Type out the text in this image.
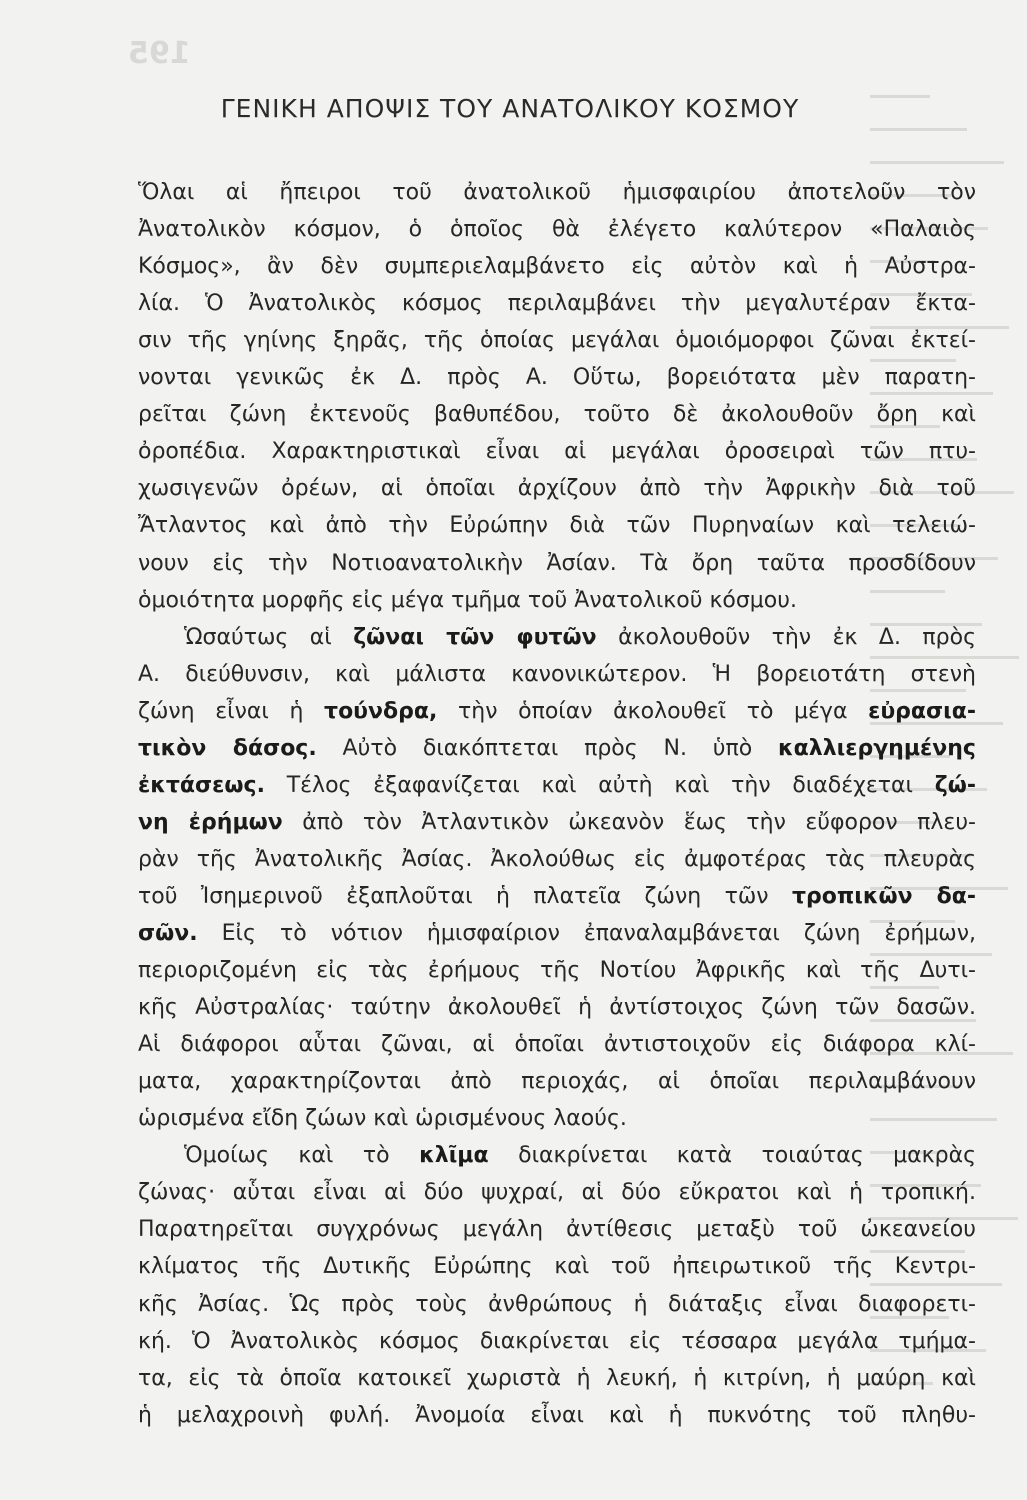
195
ΓΕΝΙΚΗ ΑΠΟΨΙΣ ΤΟΥ ΑΝΑΤΟΛΙΚΟΥ ΚΟΣΜΟΥ
Ὅλαι αἱ ἤπειροι τοῦ ἀνατολικοῦ ἡμισφαιρίου ἀποτελοῦν τὸν
Ἀνατολικὸν κόσμον, ὁ ὁποῖος θὰ ἐλέγετο καλύτερον «Παλαιὸς
Κόσμος», ἂν δὲν συμπεριελαμβάνετο εἰς αὐτὸν καὶ ἡ Αὐστρα-
λία. Ὁ Ἀνατολικὸς κόσμος περιλαμβάνει τὴν μεγαλυτέραν ἔκτα-
σιν τῆς γηίνης ξηρᾶς, τῆς ὁποίας μεγάλαι ὁμοιόμορφοι ζῶναι ἐκτεί-
νονται γενικῶς ἐκ Δ. πρὸς Α. Οὕτω, βορειότατα μὲν παρατη-
ρεῖται ζώνη ἐκτενοῦς βαθυπέδου, τοῦτο δὲ ἀκολουθοῦν ὄρη καὶ
ὀροπέδια. Χαρακτηριστικαὶ εἶναι αἱ μεγάλαι ὀροσειραὶ τῶν πτυ-
χωσιγενῶν ὀρέων, αἱ ὁποῖαι ἀρχίζουν ἀπὸ τὴν Ἀφρικὴν διὰ τοῦ
Ἄτλαντος καὶ ἀπὸ τὴν Εὐρώπην διὰ τῶν Πυρηναίων καὶ τελειώ-
νουν εἰς τὴν Νοτιοανατολικὴν Ἀσίαν. Τὰ ὄρη ταῦτα προσδίδουν
ὁμοιότητα μορφῆς εἰς μέγα τμῆμα τοῦ Ἀνατολικοῦ κόσμου.
Ὡσαύτως αἱ ζῶναι τῶν φυτῶν ἀκολουθοῦν τὴν ἐκ Δ. πρὸς
Α. διεύθυνσιν, καὶ μάλιστα κανονικώτερον. Ἡ βορειοτάτη στενὴ
ζώνη εἶναι ἡ τούνδρα, τὴν ὁποίαν ἀκολουθεῖ τὸ μέγα εὐρασια-
τικὸν δάσος. Αὐτὸ διακόπτεται πρὸς Ν. ὑπὸ καλλιεργημένης
ἐκτάσεως. Τέλος ἐξαφανίζεται καὶ αὐτὴ καὶ τὴν διαδέχεται ζώ-
νη ἐρήμων ἀπὸ τὸν Ἀτλαντικὸν ὠκεανὸν ἕως τὴν εὔφορον πλευ-
ρὰν τῆς Ἀνατολικῆς Ἀσίας. Ἀκολούθως εἰς ἀμφοτέρας τὰς πλευρὰς
τοῦ Ἰσημερινοῦ ἐξαπλοῦται ἡ πλατεῖα ζώνη τῶν τροπικῶν δα-
σῶν. Εἰς τὸ νότιον ἡμισφαίριον ἐπαναλαμβάνεται ζώνη ἐρήμων,
περιοριζομένη εἰς τὰς ἐρήμους τῆς Νοτίου Ἀφρικῆς καὶ τῆς Δυτι-
κῆς Αὐστραλίας· ταύτην ἀκολουθεῖ ἡ ἀντίστοιχος ζώνη τῶν δασῶν.
Αἱ διάφοροι αὗται ζῶναι, αἱ ὁποῖαι ἀντιστοιχοῦν εἰς διάφορα κλί-
ματα, χαρακτηρίζονται ἀπὸ περιοχάς, αἱ ὁποῖαι περιλαμβάνουν
ὡρισμένα εἴδη ζώων καὶ ὡρισμένους λαούς.
Ὁμοίως καὶ τὸ κλῖμα διακρίνεται κατὰ τοιαύτας μακρὰς
ζώνας· αὗται εἶναι αἱ δύο ψυχραί, αἱ δύο εὔκρατοι καὶ ἡ τροπική.
Παρατηρεῖται συγχρόνως μεγάλη ἀντίθεσις μεταξὺ τοῦ ὠκεανείου
κλίματος τῆς Δυτικῆς Εὐρώπης καὶ τοῦ ἠπειρωτικοῦ τῆς Κεντρι-
κῆς Ἀσίας. Ὡς πρὸς τοὺς ἀνθρώπους ἡ διάταξις εἶναι διαφορετι-
κή. Ὁ Ἀνατολικὸς κόσμος διακρίνεται εἰς τέσσαρα μεγάλα τμήμα-
τα, εἰς τὰ ὁποῖα κατοικεῖ χωριστὰ ἡ λευκή, ἡ κιτρίνη, ἡ μαύρη καὶ
ἡ μελαχροινὴ φυλή. Ἀνομοία εἶναι καὶ ἡ πυκνότης τοῦ πληθυ-
